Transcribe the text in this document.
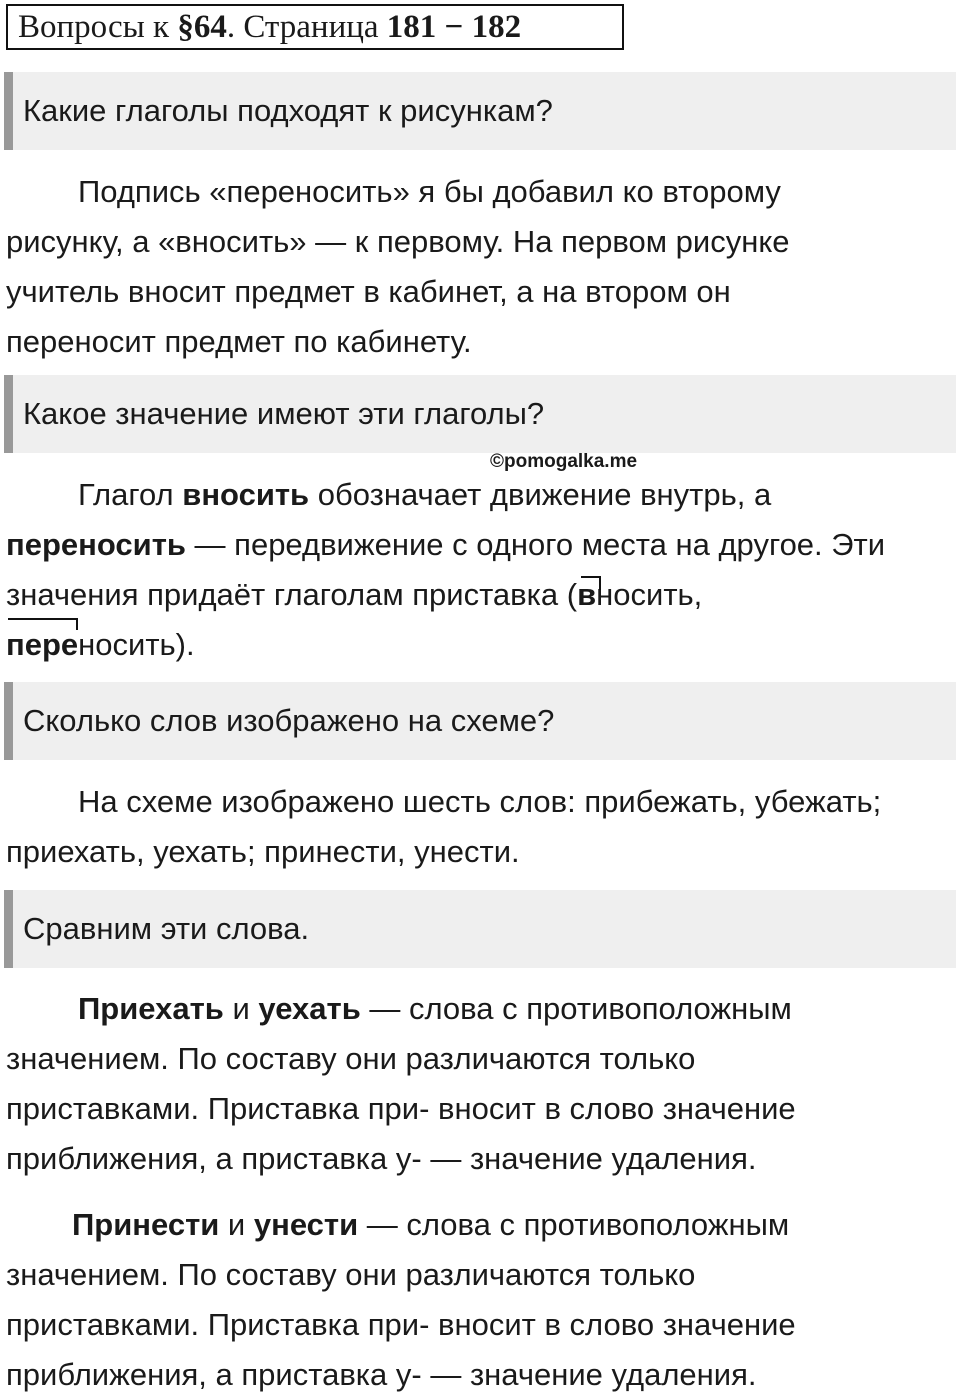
Вопросы к §64. Страница 181 − 182
Какие глаголы подходят к рисункам?
Подпись «переносить» я бы добавил ко второму
рисунку, а «вносить» — к первому. На первом рисунке
учитель вносит предмет в кабинет, а на втором он
переносит предмет по кабинету.
Какое значение имеют эти глаголы?
©pomogalka.me
Глагол вносить обозначает движение внутрь, а
переносить — передвижение с одного места на другое. Эти
значения придаёт глаголам приставка (
вносить,
переносить).
Сколько слов изображено на схеме?
На схеме изображено шесть слов: прибежать, убежать;
приехать, уехать; принести, унести.
Сравним эти слова.
Приехать и уехать — слова с противоположным
значением. По составу они различаются только
приставками. Приставка при- вносит в слово значение
приближения, а приставка у- — значение удаления.
Принести и унести — слова с противоположным
значением. По составу они различаются только
приставками. Приставка при- вносит в слово значение
приближения, а приставка у- — значение удаления.
